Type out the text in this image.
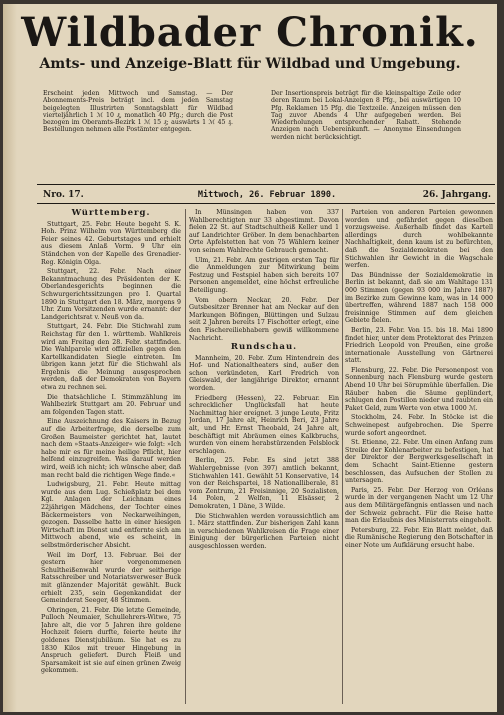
Wildbader Chronik.
Amts- und Anzeige-Blatt für Wildbad und Umgebung.
Erscheint jeden Mittwoch und Samstag. — Der Abonnements-Preis beträgt incl. dem jeden Samstag beigelegten Illustrirten Sonntagsblatt für Wildbad vierteljährlich 1 ℳ 10 ₰, monatlich 40 Pfg.; durch die Post bezogen im Oberamts-Bezirk 1 ℳ 15 ₰; auswärts 1 ℳ 45 ₰. Bestellungen nehmen alle Postämter entgegen.
Der Insertionspreis beträgt für die kleinspaltige Zeile oder deren Raum bei Lokal-Anzeigen 8 Pfg., bei auswärtigen 10 Pfg. Reklamen 15 Pfg. die Textzeile. Anzeigen müssen den Tag zuvor Abends 4 Uhr aufgegeben werden. Bei Wiederholungen entsprechender Rabatt. Stehende Anzeigen nach Uebereinkunft. — Anonyme Einsendungen werden nicht berücksichtigt.
Nro. 17.	Mittwoch, 26. Februar 1890.	26. Jahrgang.
Württemberg.

Stuttgart, 25. Febr. Heute begeht S. K. Hoh. Prinz Wilhelm von Württemberg die Feier seines 42. Geburtstages und erhielt aus diesem Anlaß Vorm. 9 Uhr ein Ständchen von der Kapelle des Grenadier-Reg. Königin Olga.

Stuttgart, 22. Febr. Nach einer Bekanntmachung des Präsidenten der K. Oberlandesgerichts beginnen die Schwurgerichtssitzungen pro I. Quartal 1890 in Stuttgart den 18. März, morgens 9 Uhr. Zum Vorsitzenden wurde ernannt: der Landgerichtsrat v. Neuß von da.

Stuttgart, 24. Febr. Die Stichwahl zum Reichstag für den 1. württemb. Wahlkreis wird am Freitag den 28. Febr. stattfinden. Die Wahlparole wird offiziellen gegen den Kartellkandidaten Siegle eintreten. Im übrigen kann jetzt für die Stichwahl als Ergebnis die Meinung ausgesprochen werden, daß der Demokraten von Bayern etwa zu rechnen sei.

Die thatsächliche I. Stimmzählung im Wahlbezirk Stuttgart am 20. Februar und am folgenden Tagen statt.

Eine Auszeichnung des Kaisers in Bezug auf die Arbeiterfrage, die derselbe zum Großen Baumeister gerichtet hat, lautet nach dem »Staats-Anzeiger« wie folgt: »Ich habe mir es für meine heilige Pflicht, hier helfend einzugreifen. Was darauf werden wird, weiß ich nicht; ich wünsche aber, daß man recht bald die richtigen Wege finde.«

Ludwigsburg, 21. Febr. Heute mittag wurde aus dem Lug. Schießplatz bei dem Kgl. Anlagen der Leichnam eines 22jährigen Mädchens, der Tochter eines Bäckermeisters von Neckarweihingen, gezogen. Dasselbe hatte in einer hiesigen Wirtschaft im Dienst und entfernte sich am Mittwoch abend, wie es scheint, in selbstmörderischer Absicht.

Weil im Dorf, 13. Februar. Bei der gestern hier vorgenommenen Schultheißenwahl wurde der seitherige Ratsschreiber und Notariatsverweser Buck mit glänzender Majorität gewählt. Buck erhielt 235, sein Gegenkandidat der Gemeinderat Seeger, 48 Stimmen.

Ohringen, 21. Febr. Die letzte Gemeinde, Pulloch Neumaier, Schullehrers-Witwe, 75 Jahre alt, die vor 5 Jahren ihre goldene Hochzeit feiern durfte, feierte heute ihr goldenes Dienstjubiläum. Sie hat es zu 1830 Kilos mit treuer Hingebung in Anspruch geliefert. Durch Fleiß und Sparsamkeit ist sie auf einen grünen Zweig gekommen.

In Münsingen haben von 337 Wahlberechtigten nur 33 abgestimmt. Davon fielen 22 St. auf Stadtschultheiß Keller und 1 auf Landrichter Gröber. In dem benachbarten Orte Apfelstetten hat von 75 Wählern keiner von seinem Wahlrechte Gebrauch gemacht.

Ulm, 21. Febr. Am gestrigen ersten Tag für die Anmeldungen zur Mitwirkung beim Festzug und Festspiel haben sich bereits 107 Personen angemeldet, eine höchst erfreuliche Beteiligung.

Vom obern Neckar, 20. Febr. Der Gutsbesitzer Brenner hat am Neckar auf den Markungen Böfingen, Blüttingen und Sulzau seit 2 Jahren bereits 17 Fischotter erlegt, eine den Fischereiliebhabern gewiß willkommene Nachricht.

Rundschau.

Mannheim, 20. Febr. Zum Hintendrein des Hof- und Nationaltheaters sind, außer den schon verkündeten, Karl Fredrich von Gleiswald, der langjährige Direktor, ernannt worden.

Friedberg (Hessen), 22. Februar. Ein schrecklicher Unglücksfall hat heute Nachmittag hier ereignet. 3 junge Leute, Fritz Jordan, 17 Jahre alt, Heinrich Beri, 23 Jahre alt, und Hr. Ernst Theobald, 24 Jahre alt, beschäftigt mit Abräumen eines Kalkbruchs, wurden von einem herabstürzenden Felsblock erschlagen.

Berlin, 25. Febr. Es sind jetzt 388 Wahlergebnisse (von 397) amtlich bekannt, Stichwahlen 141. Gewählt 51 Konservative, 14 von der Reichspartei, 18 Nationalliberale, 81 vom Zentrum, 21 Freisinnige, 20 Sozialisten, 14 Polen, 2 Welfen, 11 Elsässer, 2 Demokraten, 1 Däne, 3 Wilde.

Die Stichwahlen werden voraussichtlich am 1. März stattfinden. Zur bisherigen Zahl kann in verschiedenen Wahlkreisen die Frage einer Einigung der bürgerlichen Parteien nicht ausgeschlossen werden.

Parteien von anderen Parteien gewonnen worden und gefährdet gegen dieselben vorzugsweise. Außerhalb findet das Kartell allerdings durch wohlbekannte Nachhaltigkeit, denn kaum ist zu befürchten, daß die Sozialdemokraten bei den Stichwahlen ihr Gewicht in die Wagschale werfen.

Das Bündnisse der Sozialdemokratie in Berlin ist bekannt, daß sie am Wahltage 131 000 Stimmen (gegen 93 000 im Jahre 1887) im Bezirke zum Gewinne kam, was in 14 000 übertreffen, während 1887 nach 158 000 freisinnige Stimmen auf dem gleichen Gebiete fielen.

Berlin, 23. Febr. Von 15. bis 18. Mai 1890 findet hier, unter dem Protektorat des Prinzen Friedrich Leopold von Preußen, eine große internationale Ausstellung von Gärtnerei statt.

Flensburg, 22. Febr. Die Personenpost von Sonnenburg nach Flensburg wurde gestern Abend 10 Uhr bei Sörupmühle überfallen. Die Räuber haben die Säume geplündert, schlugen den Postillon nieder und raubten ein Paket Geld, zum Werte von etwa 1000 ℳ.

Stockholm, 24. Febr. In Stöcke ist die Schweinepest aufgebrochen. Die Sperre wurde sofort angeordnet.

St. Etienne, 22. Febr. Um einen Anfang zum Streike der Kohlenarbeiter zu befestigen, hat der Direktor der Bergwerksgesellschaft in dem Schacht Saint-Etienne gestern beschlossen, das Aufsuchen der Stollen zu untersagen.

Paris, 25. Febr. Der Herzog von Orléans wurde in der vergangenen Nacht um 12 Uhr aus dem Militärgefängnis entlassen und nach der Schweiz gebracht. Für die Reise hatte man die Erlaubnis des Ministerrats eingeholt.

Petersburg, 22. Febr. Ein Blatt meldet, daß die Rumänische Regierung den Botschafter in einer Note um Aufklärung ersucht habe.
